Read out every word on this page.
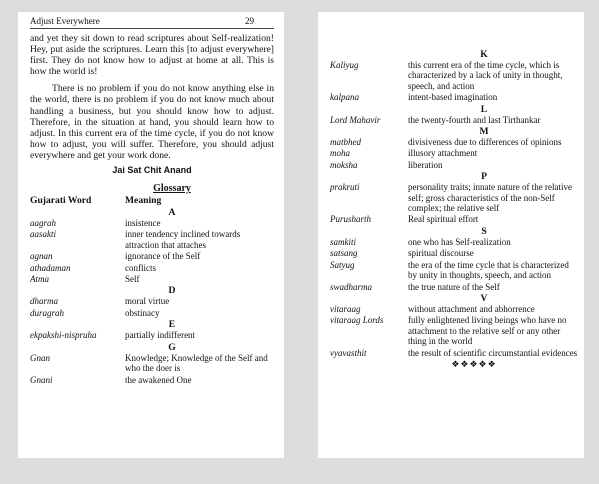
Adjust Everywhere	29

and yet they sit down to read scriptures about Self-realization! Hey, put aside the scriptures. Learn this [to adjust everywhere] first. They do not know how to adjust at home at all. This is how the world is!

There is no problem if you do not know anything else in the world, there is no problem if you do not know much about handling a business, but you should know how to adjust. Therefore, in the situation at hand, you should learn how to adjust. In this current era of the time cycle, if you do not know how to adjust, you will suffer. Therefore, you should adjust everywhere and get your work done.

Jai Sat Chit Anand
Glossary
Gujarati Word	Meaning
A
aagrah	insistence
aasakti	inner tendency inclined towards attraction that attaches
agnan	ignorance of the Self
athadaman	conflicts
Atma	Self
D
dharma	moral virtue
duragrah	obstinacy
E
ekpakshi-nispruha	partially indifferent
G
Gnan	Knowledge; Knowledge of the Self and who the doer is
Gnani	the awakened One
K
Kaliyug	this current era of the time cycle, which is characterized by a lack of unity in thought, speech, and action
kalpana	intent-based imagination
L
Lord Mahavir	the twenty-fourth and last Tirthankar
M
matbhed	divisiveness due to differences of opinions
moha	illusory attachment
moksha	liberation
P
prakruti	personality traits; innate nature of the relative self; gross characteristics of the non-Self complex; the relative self
Purusharth	Real spiritual effort
S
samkiti	one who has Self-realization
satsang	spiritual discourse
Satyug	the era of the time cycle that is characterized by unity in thoughts, speech, and action
swadharma	the true nature of the Self
V
vitaraag	without attachment and abhorrence
vitaraag Lords	fully enlightened living beings who have no attachment to the relative self or any other thing in the world
vyavasthit	the result of scientific circumstantial evidences
❖❖❖❖❖
